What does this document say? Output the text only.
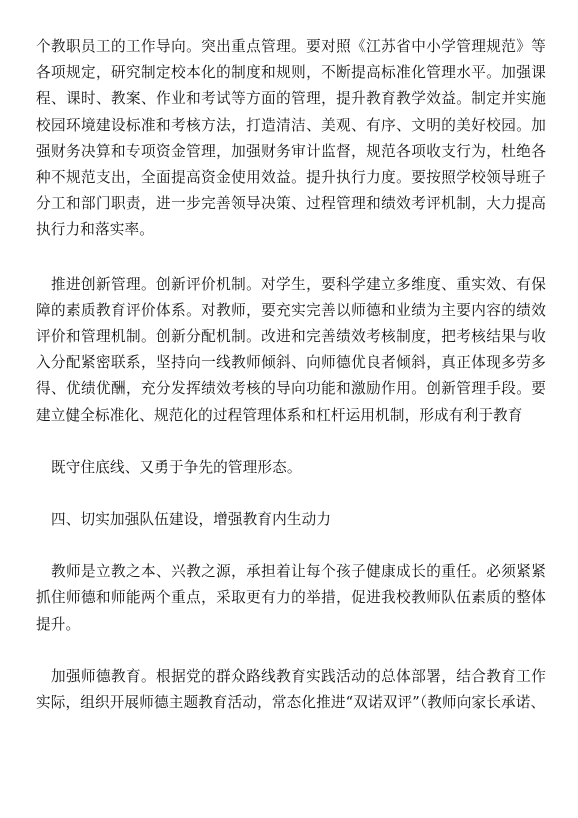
个教职员工的工作导向。突出重点管理。要对照《江苏省中小学管理规范》等各项规定，研究制定校本化的制度和规则，不断提高标准化管理水平。加强课程、课时、教案、作业和考试等方面的管理，提升教育教学效益。制定并实施校园环境建设标准和考核方法，打造清洁、美观、有序、文明的美好校园。加强财务决算和专项资金管理，加强财务审计监督，规范各项收支行为，杜绝各种不规范支出，全面提高资金使用效益。提升执行力度。要按照学校领导班子分工和部门职责，进一步完善领导决策、过程管理和绩效考评机制，大力提高执行力和落实率。

推进创新管理。创新评价机制。对学生，要科学建立多维度、重实效、有保障的素质教育评价体系。对教师，要充实完善以师德和业绩为主要内容的绩效评价和管理机制。创新分配机制。改进和完善绩效考核制度，把考核结果与收入分配紧密联系，坚持向一线教师倾斜、向师德优良者倾斜，真正体现多劳多得、优绩优酬，充分发挥绩效考核的导向功能和激励作用。创新管理手段。要建立健全标准化、规范化的过程管理体系和杠杆运用机制，形成有利于教育

既守住底线、又勇于争先的管理形态。

四、切实加强队伍建设，增强教育内生动力

教师是立教之本、兴教之源，承担着让每个孩子健康成长的重任。必须紧紧抓住师德和师能两个重点，采取更有力的举措，促进我校教师队伍素质的整体提升。

加强师德教育。根据党的群众路线教育实践活动的总体部署，结合教育工作实际，组织开展师德主题教育活动，常态化推进“双诺双评”（教师向家长承诺、
